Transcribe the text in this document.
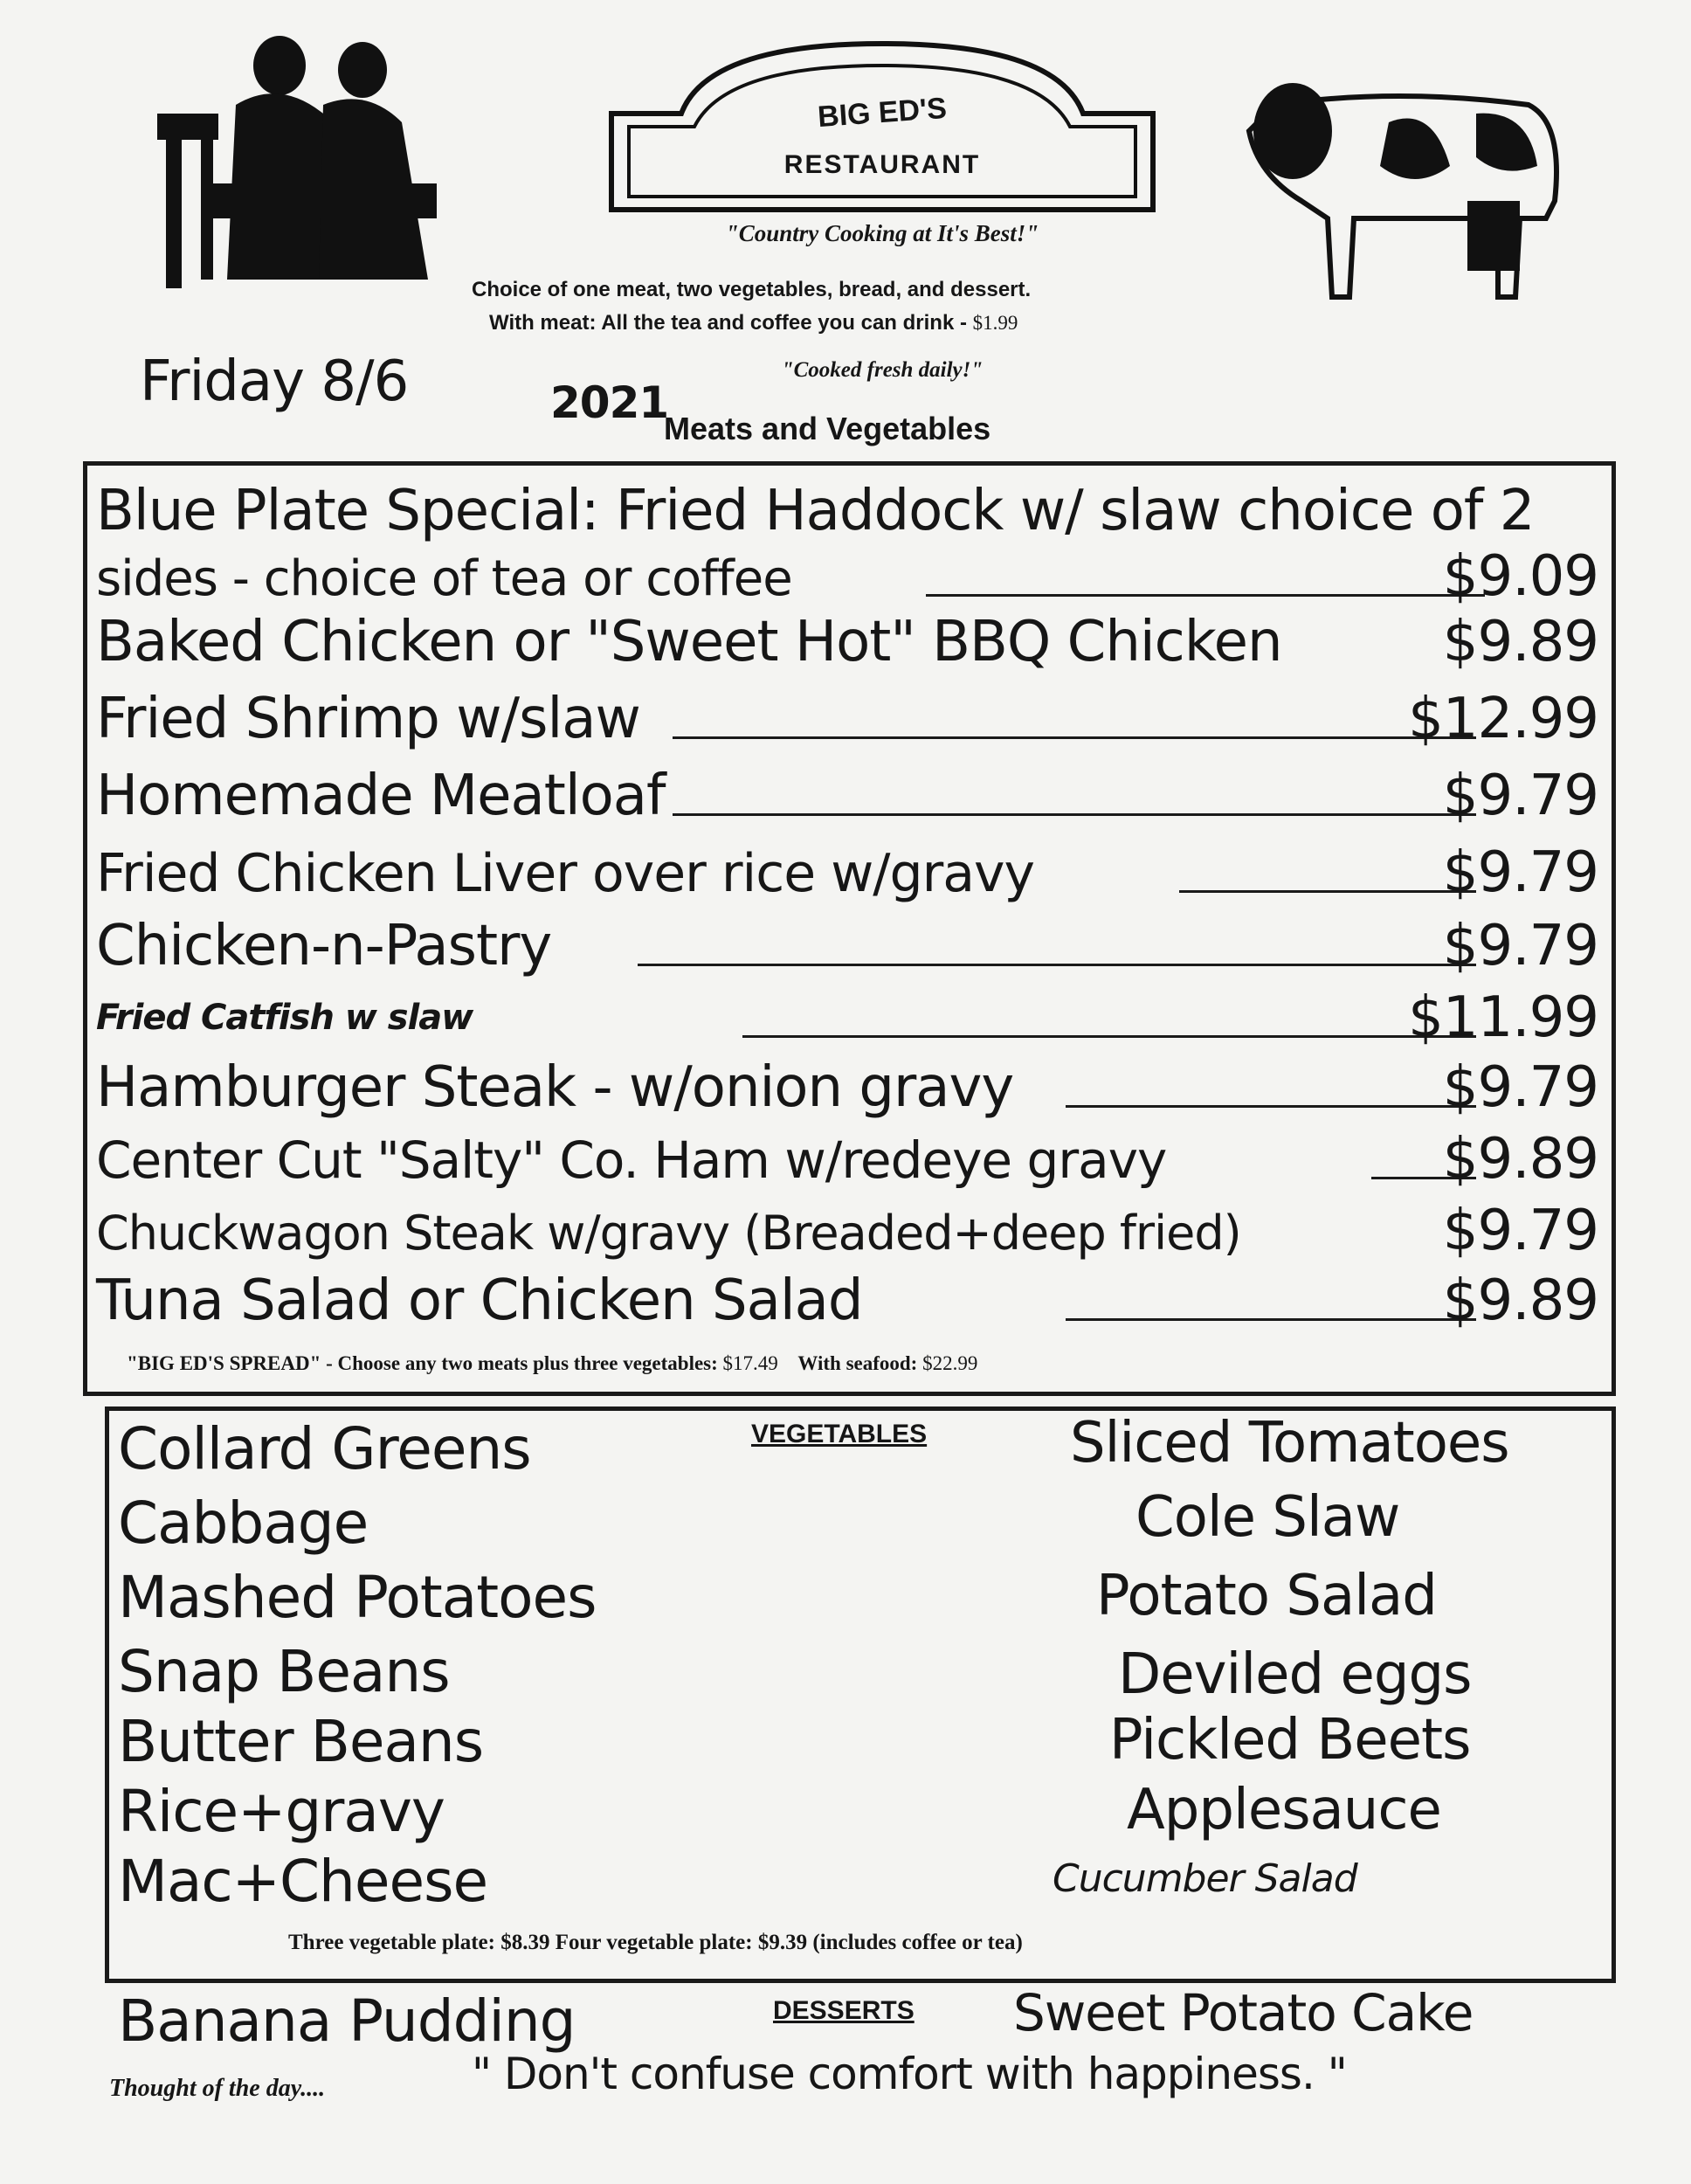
BIG ED'S
RESTAURANT
"Country Cooking at It's Best!"
Choice of one meat, two vegetables, bread, and dessert.
With meat: All the tea and coffee you can drink - $1.99
"Cooked fresh daily!"
Friday 8/6	2021
Meats and Vegetables
Blue Plate Special: Fried Haddock w/ slaw choice of 2
sides - choice of tea or coffee	$9.09
Baked Chicken or "Sweet Hot" BBQ Chicken	$9.89
Fried Shrimp w/slaw	$12.99
Homemade Meatloaf	$9.79
Fried Chicken Liver over rice w/gravy	$9.79
Chicken-n-Pastry	$9.79
Fried Catfish w slaw	$11.99
Hamburger Steak - w/onion gravy	$9.79
Center Cut "Salty" Co. Ham w/redeye gravy	$9.89
Chuckwagon Steak w/gravy (Breaded+deep fried)	$9.79
Tuna Salad or Chicken Salad	$9.89
"BIG ED'S SPREAD" - Choose any two meats plus three vegetables: $17.49 With seafood: $22.99
VEGETABLES
Collard Greens
Cabbage
Mashed Potatoes
Snap Beans
Butter Beans
Rice+gravy
Mac+Cheese
Sliced Tomatoes
Cole Slaw
Potato Salad
Deviled eggs
Pickled Beets
Applesauce
Cucumber Salad
Three vegetable plate: $8.39 Four vegetable plate: $9.39 (includes coffee or tea)
Banana Pudding	DESSERTS Sweet Potato Cake
Thought of the day....	" Don't confuse comfort with happiness. "
